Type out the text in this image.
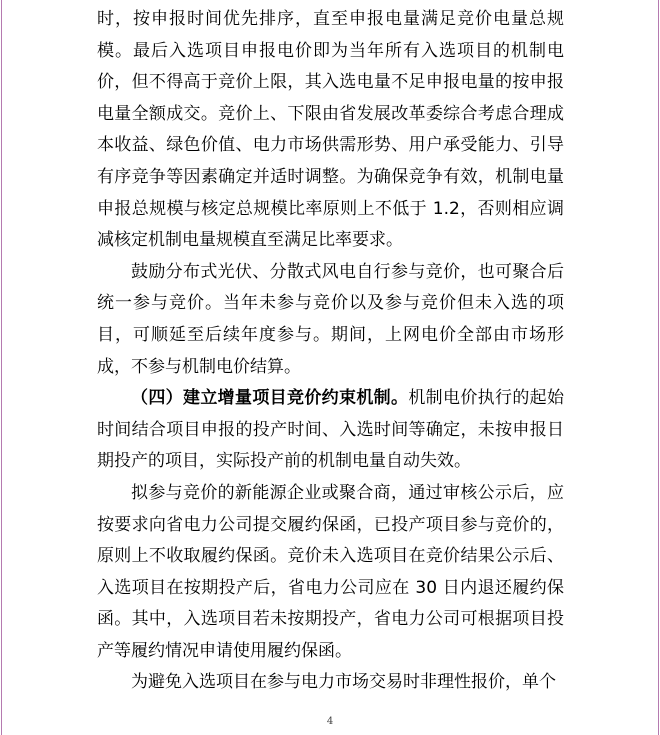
时，按申报时间优先排序，直至申报电量满足竞价电量总规模。最后入选项目申报电价即为当年所有入选项目的机制电价，但不得高于竞价上限，其入选电量不足申报电量的按申报电量全额成交。竞价上、下限由省发展改革委综合考虑合理成本收益、绿色价值、电力市场供需形势、用户承受能力、引导有序竞争等因素确定并适时调整。为确保竞争有效，机制电量申报总规模与核定总规模比率原则上不低于 1.2，否则相应调减核定机制电量规模直至满足比率要求。

鼓励分布式光伏、分散式风电自行参与竞价，也可聚合后统一参与竞价。当年未参与竞价以及参与竞价但未入选的项目，可顺延至后续年度参与。期间，上网电价全部由市场形成，不参与机制电价结算。

（四）建立增量项目竞价约束机制。机制电价执行的起始时间结合项目申报的投产时间、入选时间等确定，未按申报日期投产的项目，实际投产前的机制电量自动失效。

拟参与竞价的新能源企业或聚合商，通过审核公示后，应按要求向省电力公司提交履约保函，已投产项目参与竞价的，原则上不收取履约保函。竞价未入选项目在竞价结果公示后、入选项目在按期投产后，省电力公司应在 30 日内退还履约保函。其中，入选项目若未按期投产，省电力公司可根据项目投产等履约情况申请使用履约保函。

为避免入选项目在参与电力市场交易时非理性报价，单个

4
